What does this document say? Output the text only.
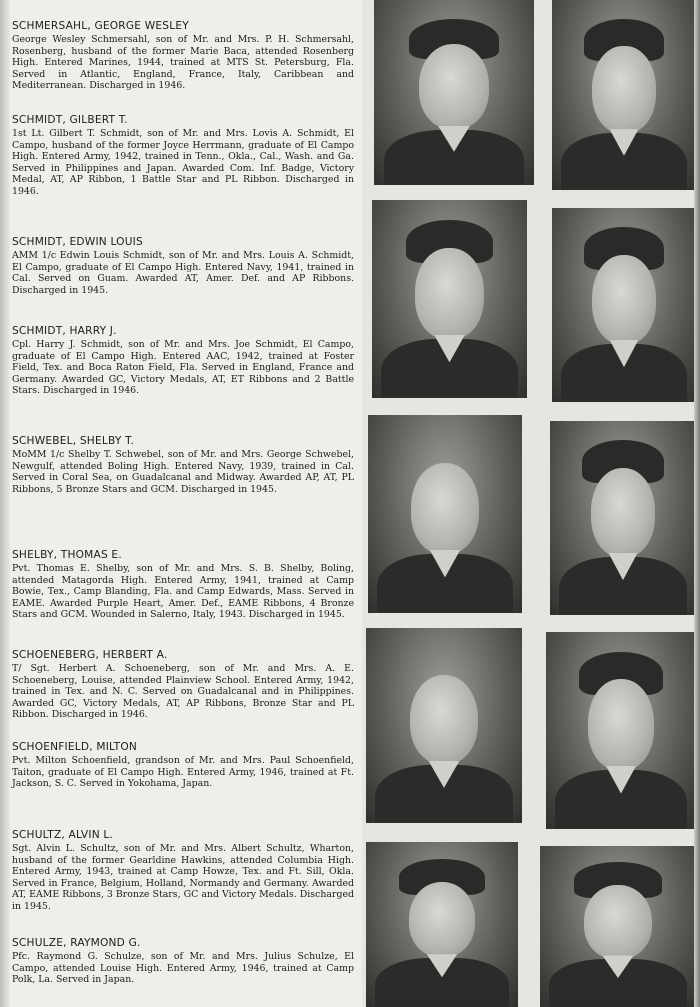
SCHMERSAHL, GEORGE WESLEY

George Wesley Schmersahl, son of Mr. and Mrs. P. H. Schmersahl, Rosenberg, husband of the former Marie Baca, attended Rosenberg High. Entered Marines, 1944, trained at MTS St. Petersburg, Fla. Served in Atlantic, England, France, Italy, Caribbean and Mediterranean. Discharged in 1946.

SCHMIDT, GILBERT T.

1st Lt. Gilbert T. Schmidt, son of Mr. and Mrs. Lovis A. Schmidt, El Campo, husband of the former Joyce Herrmann, graduate of El Campo High. Entered Army, 1942, trained in Tenn., Okla., Cal., Wash. and Ga. Served in Philippines and Japan. Awarded Com. Inf. Badge, Victory Medal, AT, AP Ribbon, 1 Battle Star and PL Ribbon. Discharged in 1946.

SCHMIDT, EDWIN LOUIS

AMM 1/c Edwin Louis Schmidt, son of Mr. and Mrs. Louis A. Schmidt, El Campo, graduate of El Campo High. Entered Navy, 1941, trained in Cal. Served on Guam. Awarded AT, Amer. Def. and AP Ribbons. Discharged in 1945.

SCHMIDT, HARRY J.

Cpl. Harry J. Schmidt, son of Mr. and Mrs. Joe Schmidt, El Campo, graduate of El Campo High. Entered AAC, 1942, trained at Foster Field, Tex. and Boca Raton Field, Fla. Served in England, France and Germany. Awarded GC, Victory Medals, AT, ET Ribbons and 2 Battle Stars. Discharged in 1946.

SCHWEBEL, SHELBY T.

MoMM 1/c Shelby T. Schwebel, son of Mr. and Mrs. George Schwebel, Newgulf, attended Boling High. Entered Navy, 1939, trained in Cal. Served in Coral Sea, on Guadalcanal and Midway. Awarded AP, AT, PL Ribbons, 5 Bronze Stars and GCM. Discharged in 1945.

SHELBY, THOMAS E.

Pvt. Thomas E. Shelby, son of Mr. and Mrs. S. B. Shelby, Boling, attended Matagorda High. Entered Army, 1941, trained at Camp Bowie, Tex., Camp Blanding, Fla. and Camp Edwards, Mass. Served in EAME. Awarded Purple Heart, Amer. Def., EAME Ribbons, 4 Bronze Stars and GCM. Wounded in Salerno, Italy, 1943. Discharged in 1945.

SCHOENEBERG, HERBERT A.

T/ Sgt. Herbert A. Schoeneberg, son of Mr. and Mrs. A. E. Schoeneberg, Louise, attended Plainview School. Entered Army, 1942, trained in Tex. and N. C. Served on Guadalcanal and in Philippines. Awarded GC, Victory Medals, AT, AP Ribbons, Bronze Star and PL Ribbon. Discharged in 1946.

SCHOENFIELD, MILTON

Pvt. Milton Schoenfield, grandson of Mr. and Mrs. Paul Schoenfield, Taiton, graduate of El Campo High. Entered Army, 1946, trained at Ft. Jackson, S. C. Served in Yokohama, Japan.

SCHULTZ, ALVIN L.

Sgt. Alvin L. Schultz, son of Mr. and Mrs. Albert Schultz, Wharton, husband of the former Gearldine Hawkins, attended Columbia High. Entered Army, 1943, trained at Camp Howze, Tex. and Ft. Sill, Okla. Served in France, Belgium, Holland, Normandy and Germany. Awarded AT, EAME Ribbons, 3 Bronze Stars, GC and Victory Medals. Discharged in 1945.

SCHULZE, RAYMOND G.

Pfc. Raymond G. Schulze, son of Mr. and Mrs. Julius Schulze, El Campo, attended Louise High. Entered Army, 1946, trained at Camp Polk, La. Served in Japan.
